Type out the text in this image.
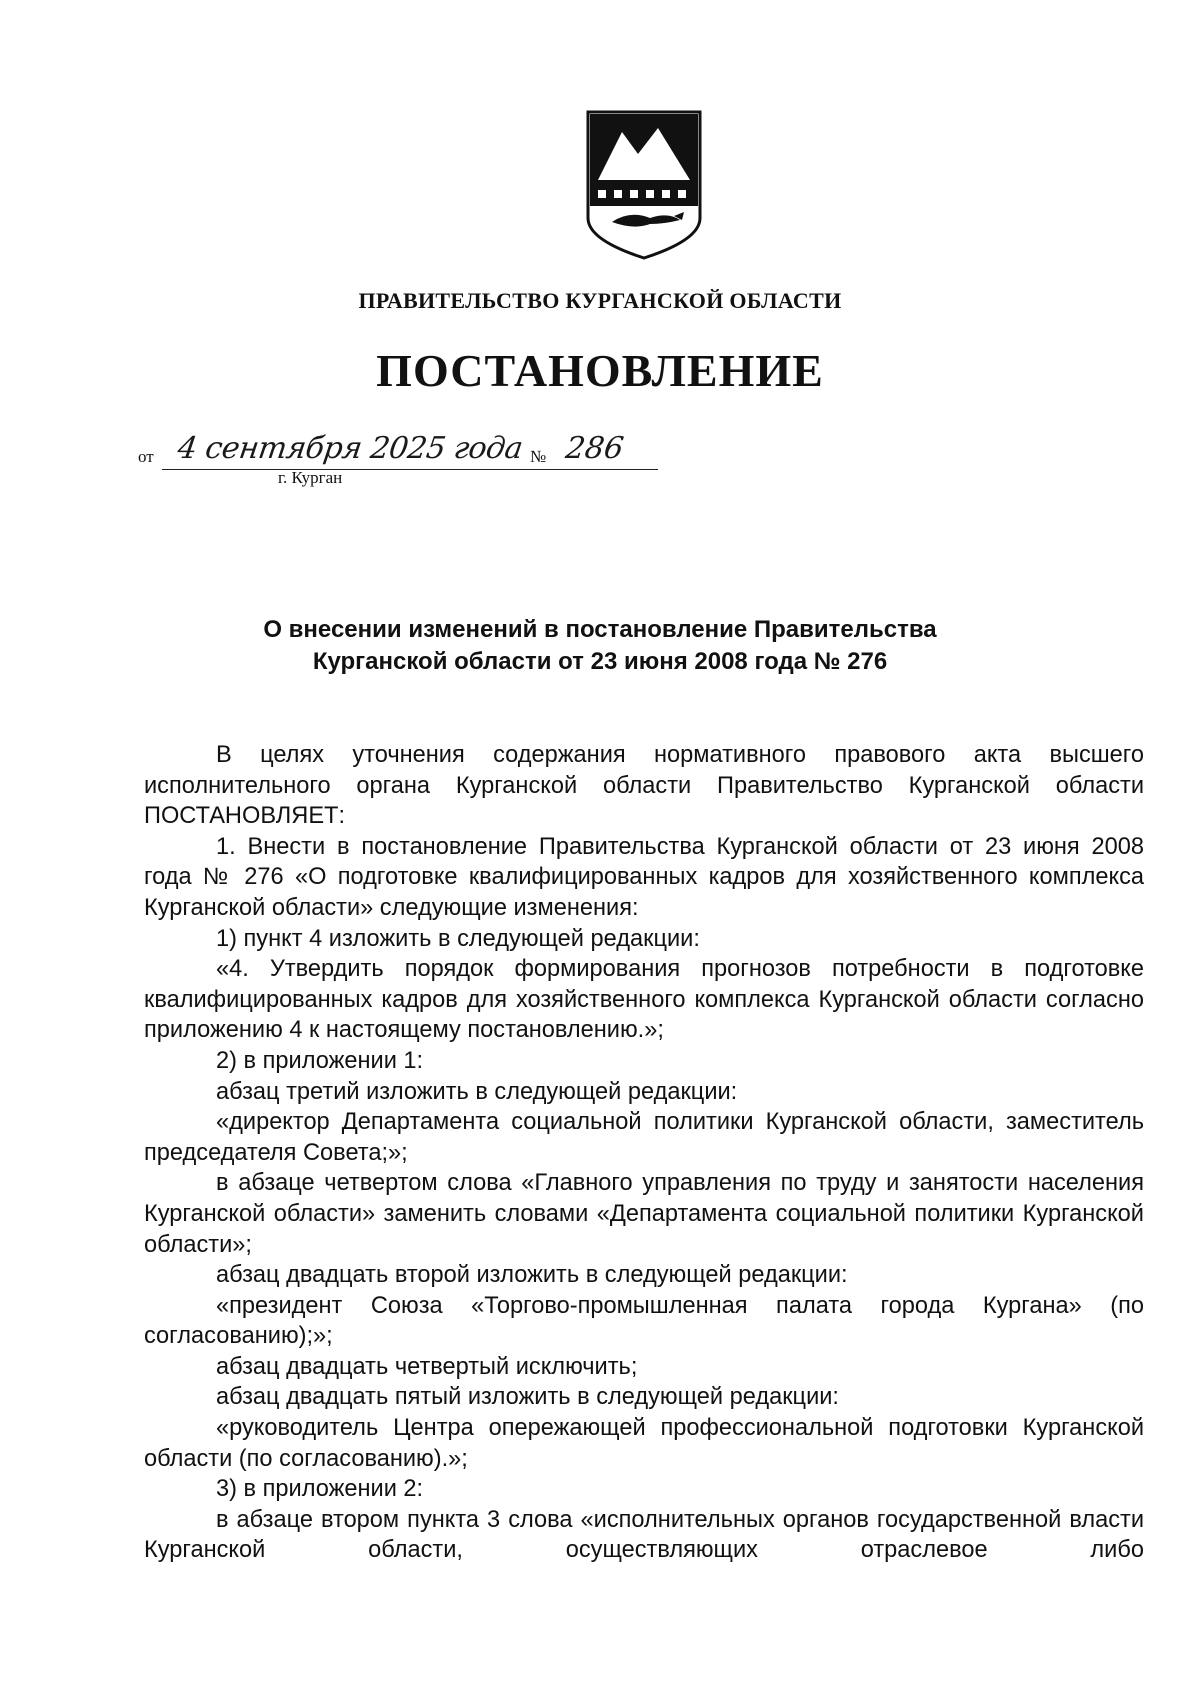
ПРАВИТЕЛЬСТВО КУРГАНСКОЙ ОБЛАСТИ
ПОСТАНОВЛЕНИЕ
от 4 сентября 2025 года № 286
г. Курган
О внесении изменений в постановление Правительства
Курганской области от 23 июня 2008 года № 276

В целях уточнения содержания нормативного правового акта высшего исполнительного органа Курганской области Правительство Курганской области ПОСТАНОВЛЯЕТ:

1. Внести в постановление Правительства Курганской области от 23 июня 2008 года № 276 «О подготовке квалифицированных кадров для хозяйственного комплекса Курганской области» следующие изменения:

1) пункт 4 изложить в следующей редакции:

«4. Утвердить порядок формирования прогнозов потребности в подготовке квалифицированных кадров для хозяйственного комплекса Курганской области согласно приложению 4 к настоящему постановлению.»;

2) в приложении 1:

абзац третий изложить в следующей редакции:

«директор Департамента социальной политики Курганской области, заместитель председателя Совета;»;

в абзаце четвертом слова «Главного управления по труду и занятости населения Курганской области» заменить словами «Департамента социальной политики Курганской области»;

абзац двадцать второй изложить в следующей редакции:

«президент Союза «Торгово-промышленная палата города Кургана» (по согласованию);»;

абзац двадцать четвертый исключить;

абзац двадцать пятый изложить в следующей редакции:

«руководитель Центра опережающей профессиональной подготовки Курганской области (по согласованию).»;

3) в приложении 2:

в абзаце втором пункта 3 слова «исполнительных органов государственной власти Курганской области, осуществляющих отраслевое либо
